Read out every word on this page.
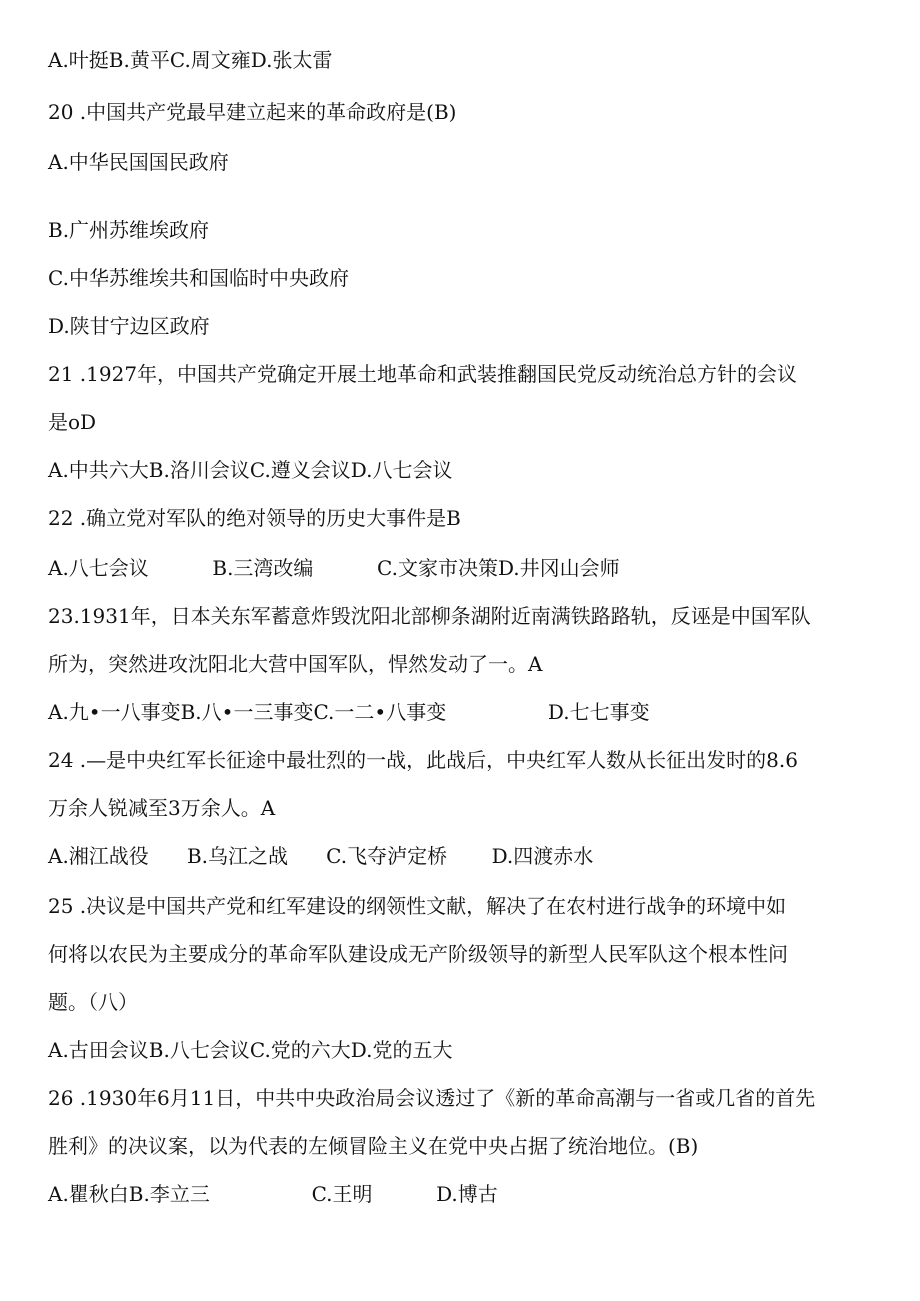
A.叶挺B.黄平C.周文雍D.张太雷
20 .中国共产党最早建立起来的革命政府是(B)
A.中华民国国民政府
B.广州苏维埃政府
C.中华苏维埃共和国临时中央政府
D.陕甘宁边区政府
21 .1927年，中国共产党确定开展土地革命和武装推翻国民党反动统治总方针的会议
是oD
A.中共六大B.洛川会议C.遵义会议D.八七会议
22 .确立党对军队的绝对领导的历史大事件是B
A.八七会议          B.三湾改编          C.文家市决策D.井冈山会师
23.1931年，日本关东军蓄意炸毁沈阳北部柳条湖附近南满铁路路轨，反诬是中国军队
所为，突然进攻沈阳北大营中国军队，悍然发动了一。A
A.九•一八事变B.八•一三事变C.一二•八事变                D.七七事变
24 .—是中央红军长征途中最壮烈的一战，此战后，中央红军人数从长征出发时的8.6
万余人锐减至3万余人。A
A.湘江战役      B.乌江之战      C.飞夺泸定桥       D.四渡赤水
25 .决议是中国共产党和红军建设的纲领性文献，解决了在农村进行战争的环境中如
何将以农民为主要成分的革命军队建设成无产阶级领导的新型人民军队这个根本性问
题。（八）
A.古田会议B.八七会议C.党的六大D.党的五大
26 .1930年6月11日，中共中央政治局会议透过了《新的革命高潮与一省或几省的首先
胜利》的决议案，以为代表的左倾冒险主义在党中央占据了统治地位。(B)
A.瞿秋白B.李立三                C.王明          D.博古
